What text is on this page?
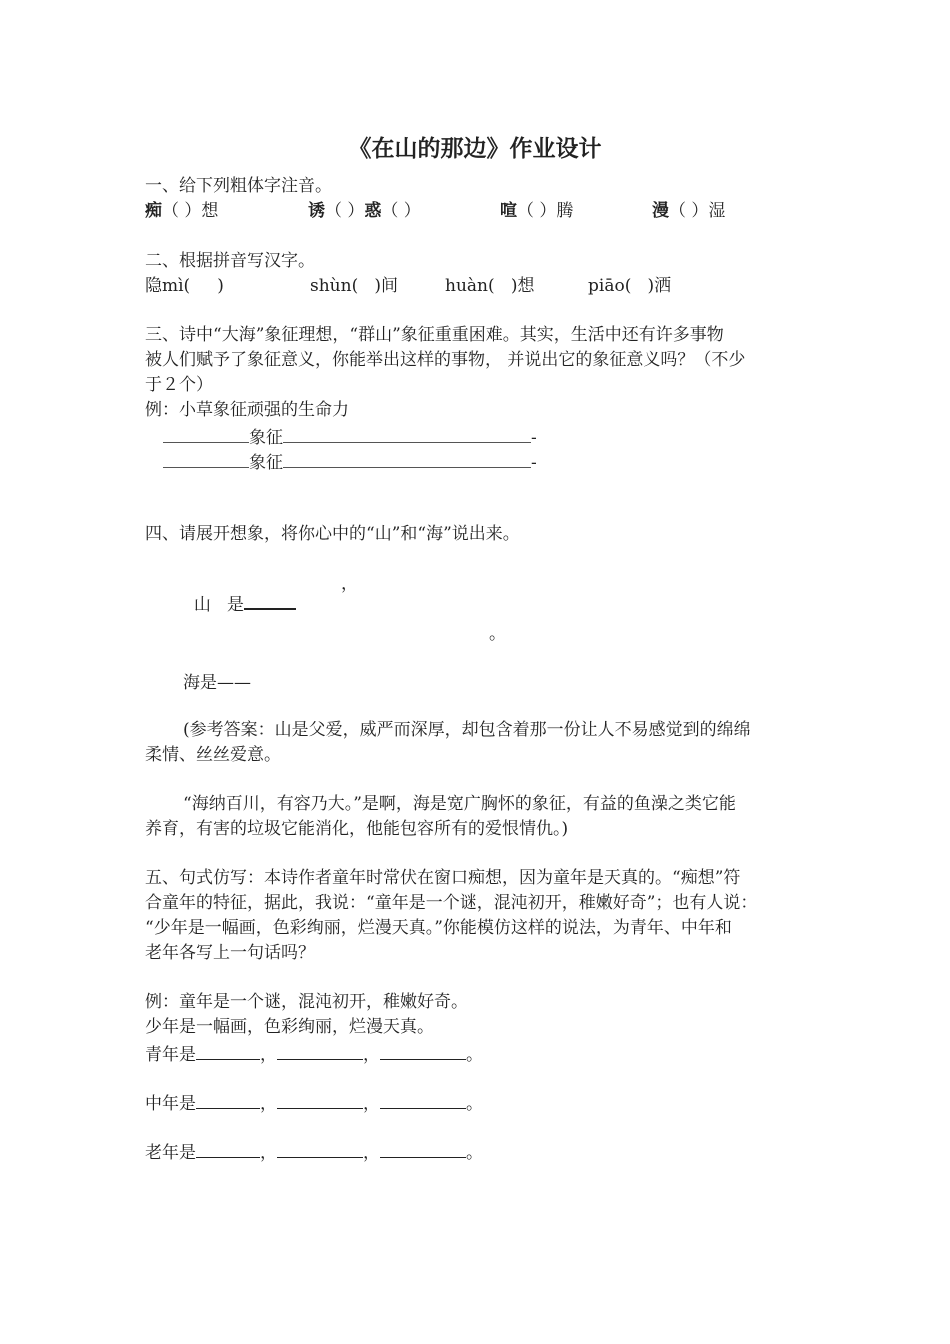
《在山的那边》作业设计
一、给下列粗体字注音。
痴（ ）想	诱（ ）惑（ ）	喧（ ）腾	漫（ ）湿
二、根据拼音写汉字。
隐mì(     )	shùn(   )间	huàn(   )想	piāo(   )洒
三、诗中“大海”象征理想，“群山”象征重重困难。其实，生活中还有许多事物
被人们赋予了象征意义，你能举出这样的事物， 并说出它的象征意义吗？（不少
于２个）
例：小草象征顽强的生命力
象征	-
象征	-
四、请展开想象，将你心中的“山”和“海”说出来。

山   是

，
。
海是——
(参考答案：山是父爱，威严而深厚，却包含着那一份让人不易感觉到的绵绵
柔情、丝丝爱意。
“海纳百川，有容乃大。”是啊，海是宽广胸怀的象征，有益的鱼澡之类它能
养育，有害的垃圾它能消化，他能包容所有的爱恨情仇。)
五、句式仿写：本诗作者童年时常伏在窗口痴想，因为童年是天真的。“痴想”符
合童年的特征，据此，我说：“童年是一个谜，混沌初开，稚嫩好奇”；也有人说：
“少年是一幅画，色彩绚丽，烂漫天真。”你能模仿这样的说法，为青年、中年和
老年各写上一句话吗？
例：童年是一个谜，混沌初开，稚嫩好奇。
少年是一幅画，色彩绚丽，烂漫天真。
青年是	，	，	。
中年是	，	，	。
老年是	，	，	。
